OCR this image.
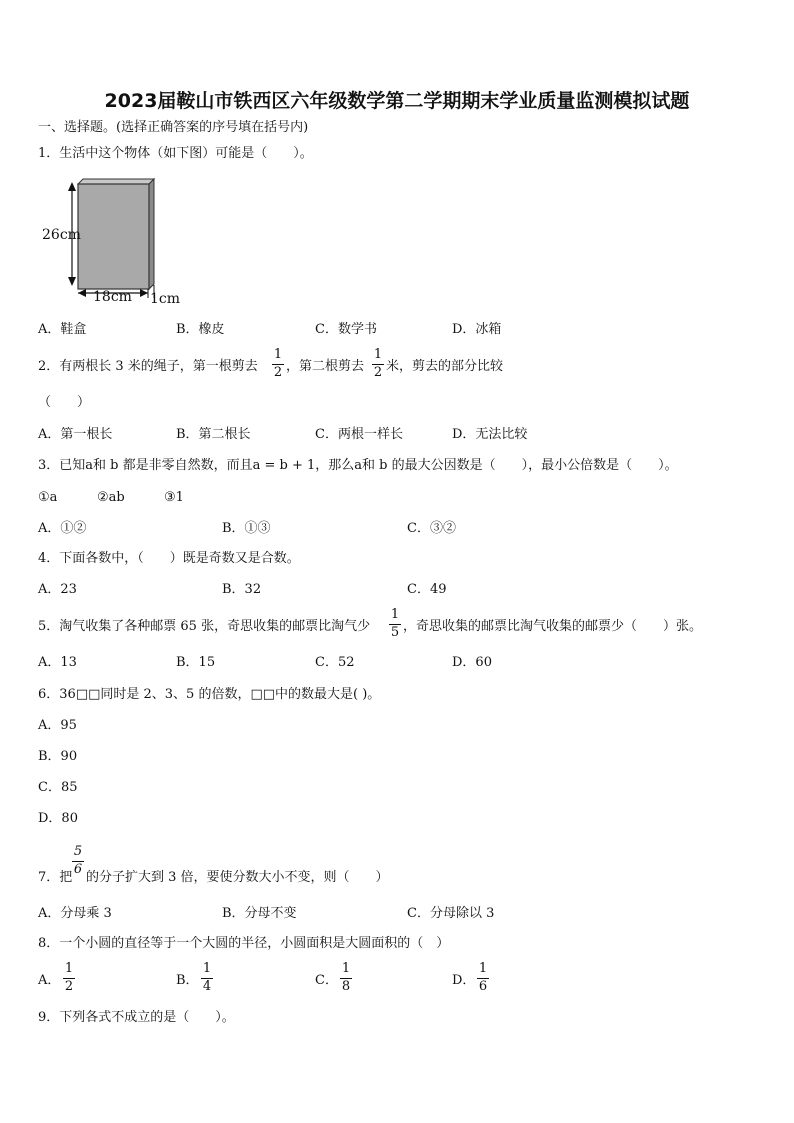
2023届鞍山市铁西区六年级数学第二学期期末学业质量监测模拟试题
一、选择题。(选择正确答案的序号填在括号内)
1．生活中这个物体（如下图）可能是（　　）。
26cm
18cm 1cm
A．鞋盒	B．橡皮	C．数学书	D．冰箱
2．有两根长 3 米的绳子，第一根剪去
1
2 ，第二根剪去
1
2 米，剪去的部分比较
（　　）
A．第一根长	B．第二根长	C．两根一样长	D．无法比较
3．已知a和 b 都是非零自然数，而且a = b + 1，那么a和 b 的最大公因数是（　　），最小公倍数是（　　）。
①a	②ab	③1
A．①②	B．①③	C．③②
4．下面各数中，（　　）既是奇数又是合数。
A．23	B．32	C．49
5．淘气收集了各种邮票 65 张，奇思收集的邮票比淘气少
1
5 ，奇思收集的邮票比淘气收集的邮票少（　　）张。
A．13	B．15	C．52	D．60
6．36□□同时是 2、3、5 的倍数，□□中的数最大是( )。
A．95
B．90
C．85
D．80
7．把
5
6
的分子扩大到 3 倍，要使分数大小不变，则（　　）
A．分母乘 3	B．分母不变	C．分母除以 3
8．一个小圆的直径等于一个大圆的半径，小圆面积是大圆面积的（　）
A．
1
2	B．
1
4	C．
1
8	D．
1
6
9．下列各式不成立的是（　　）。
